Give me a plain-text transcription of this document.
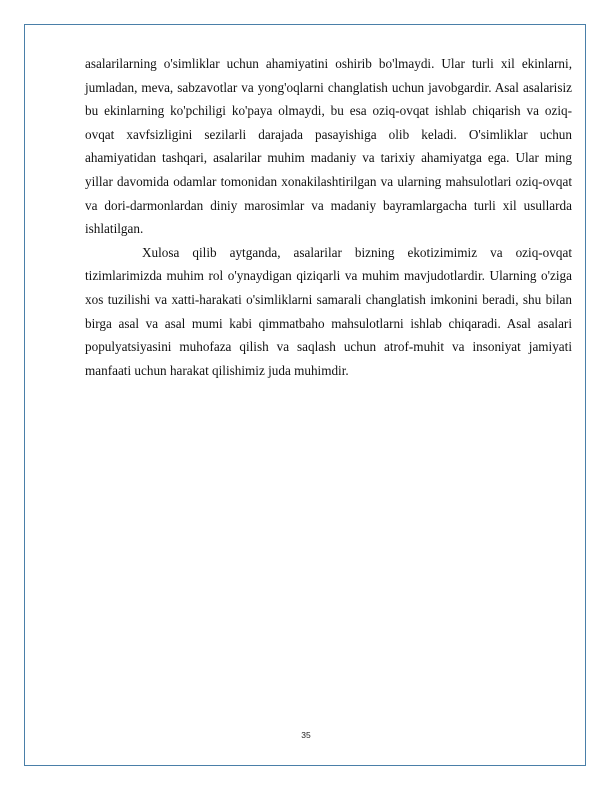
asalarilarning o'simliklar uchun ahamiyatini oshirib bo'lmaydi. Ular turli xil ekinlarni, jumladan, meva, sabzavotlar va yong'oqlarni changlatish uchun javobgardir. Asal asalarisiz bu ekinlarning ko'pchiligi ko'paya olmaydi, bu esa oziq-ovqat ishlab chiqarish va oziq-ovqat xavfsizligini sezilarli darajada pasayishiga olib keladi. O'simliklar uchun ahamiyatidan tashqari, asalarilar muhim madaniy va tarixiy ahamiyatga ega. Ular ming yillar davomida odamlar tomonidan xonakilashtirilgan va ularning mahsulotlari oziq-ovqat va dori-darmonlardan diniy marosimlar va madaniy bayramlargacha turli xil usullarda ishlatilgan.

Xulosa qilib aytganda, asalarilar bizning ekotizimimiz va oziq-ovqat tizimlarimizda muhim rol o'ynaydigan qiziqarli va muhim mavjudotlardir. Ularning o'ziga xos tuzilishi va xatti-harakati o'simliklarni samarali changlatish imkonini beradi, shu bilan birga asal va asal mumi kabi qimmatbaho mahsulotlarni ishlab chiqaradi. Asal asalari populyatsiyasini muhofaza qilish va saqlash uchun atrof-muhit va insoniyat jamiyati manfaati uchun harakat qilishimiz juda muhimdir.

35
